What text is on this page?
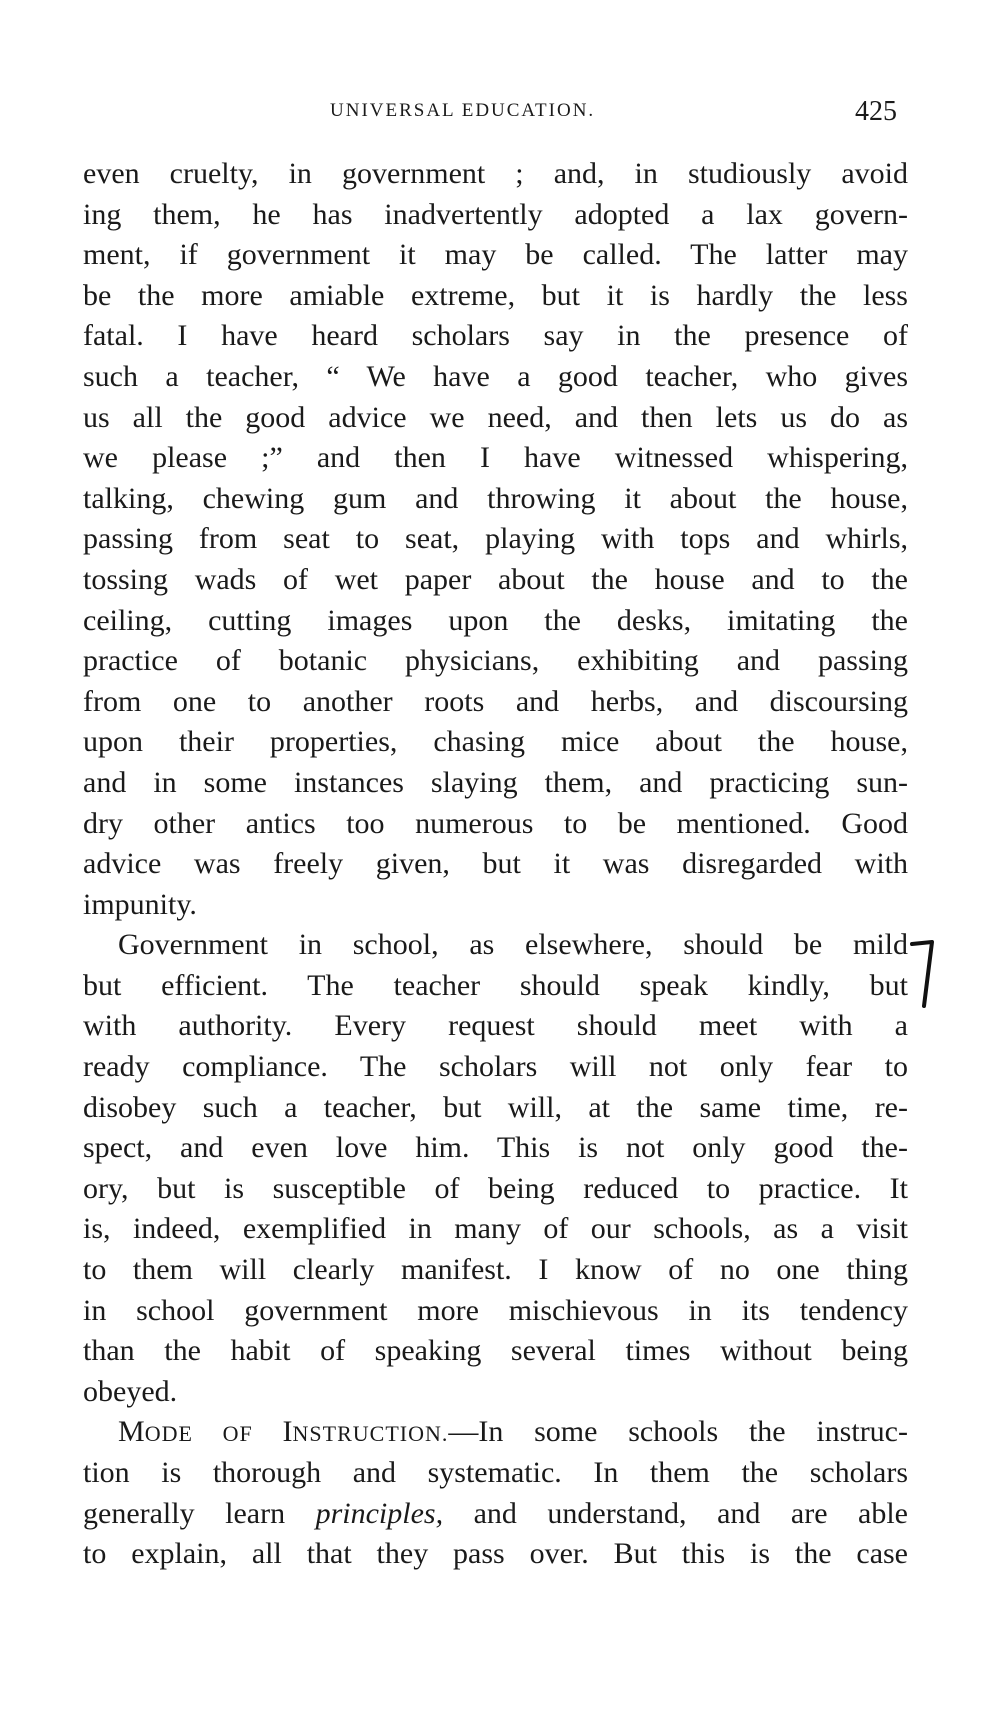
UNIVERSAL EDUCATION.	425
even cruelty, in government ; and, in studiously avoid
ing them, he has inadvertently adopted a lax govern-
ment, if government it may be called. The latter may
be the more amiable extreme, but it is hardly the less
fatal. I have heard scholars say in the presence of
such a teacher, “ We have a good teacher, who gives
us all the good advice we need, and then lets us do as
we please ;” and then I have witnessed whispering,
talking, chewing gum and throwing it about the house,
passing from seat to seat, playing with tops and whirls,
tossing wads of wet paper about the house and to the
ceiling, cutting images upon the desks, imitating the
practice of botanic physicians, exhibiting and passing
from one to another roots and herbs, and discoursing
upon their properties, chasing mice about the house,
and in some instances slaying them, and practicing sun-
dry other antics too numerous to be mentioned. Good
advice was freely given, but it was disregarded with
impunity.
Government in school, as elsewhere, should be mild
but efficient. The teacher should speak kindly, but
with authority. Every request should meet with a
ready compliance. The scholars will not only fear to
disobey such a teacher, but will, at the same time, re-
spect, and even love him. This is not only good the-
ory, but is susceptible of being reduced to practice. It
is, indeed, exemplified in many of our schools, as a visit
to them will clearly manifest. I know of no one thing
in school government more mischievous in its tendency
than the habit of speaking several times without being
obeyed.
MODE OF INSTRUCTION.—In some schools the instruc-
tion is thorough and systematic. In them the scholars
generally learn principles, and understand, and are able
to explain, all that they pass over. But this is the case
